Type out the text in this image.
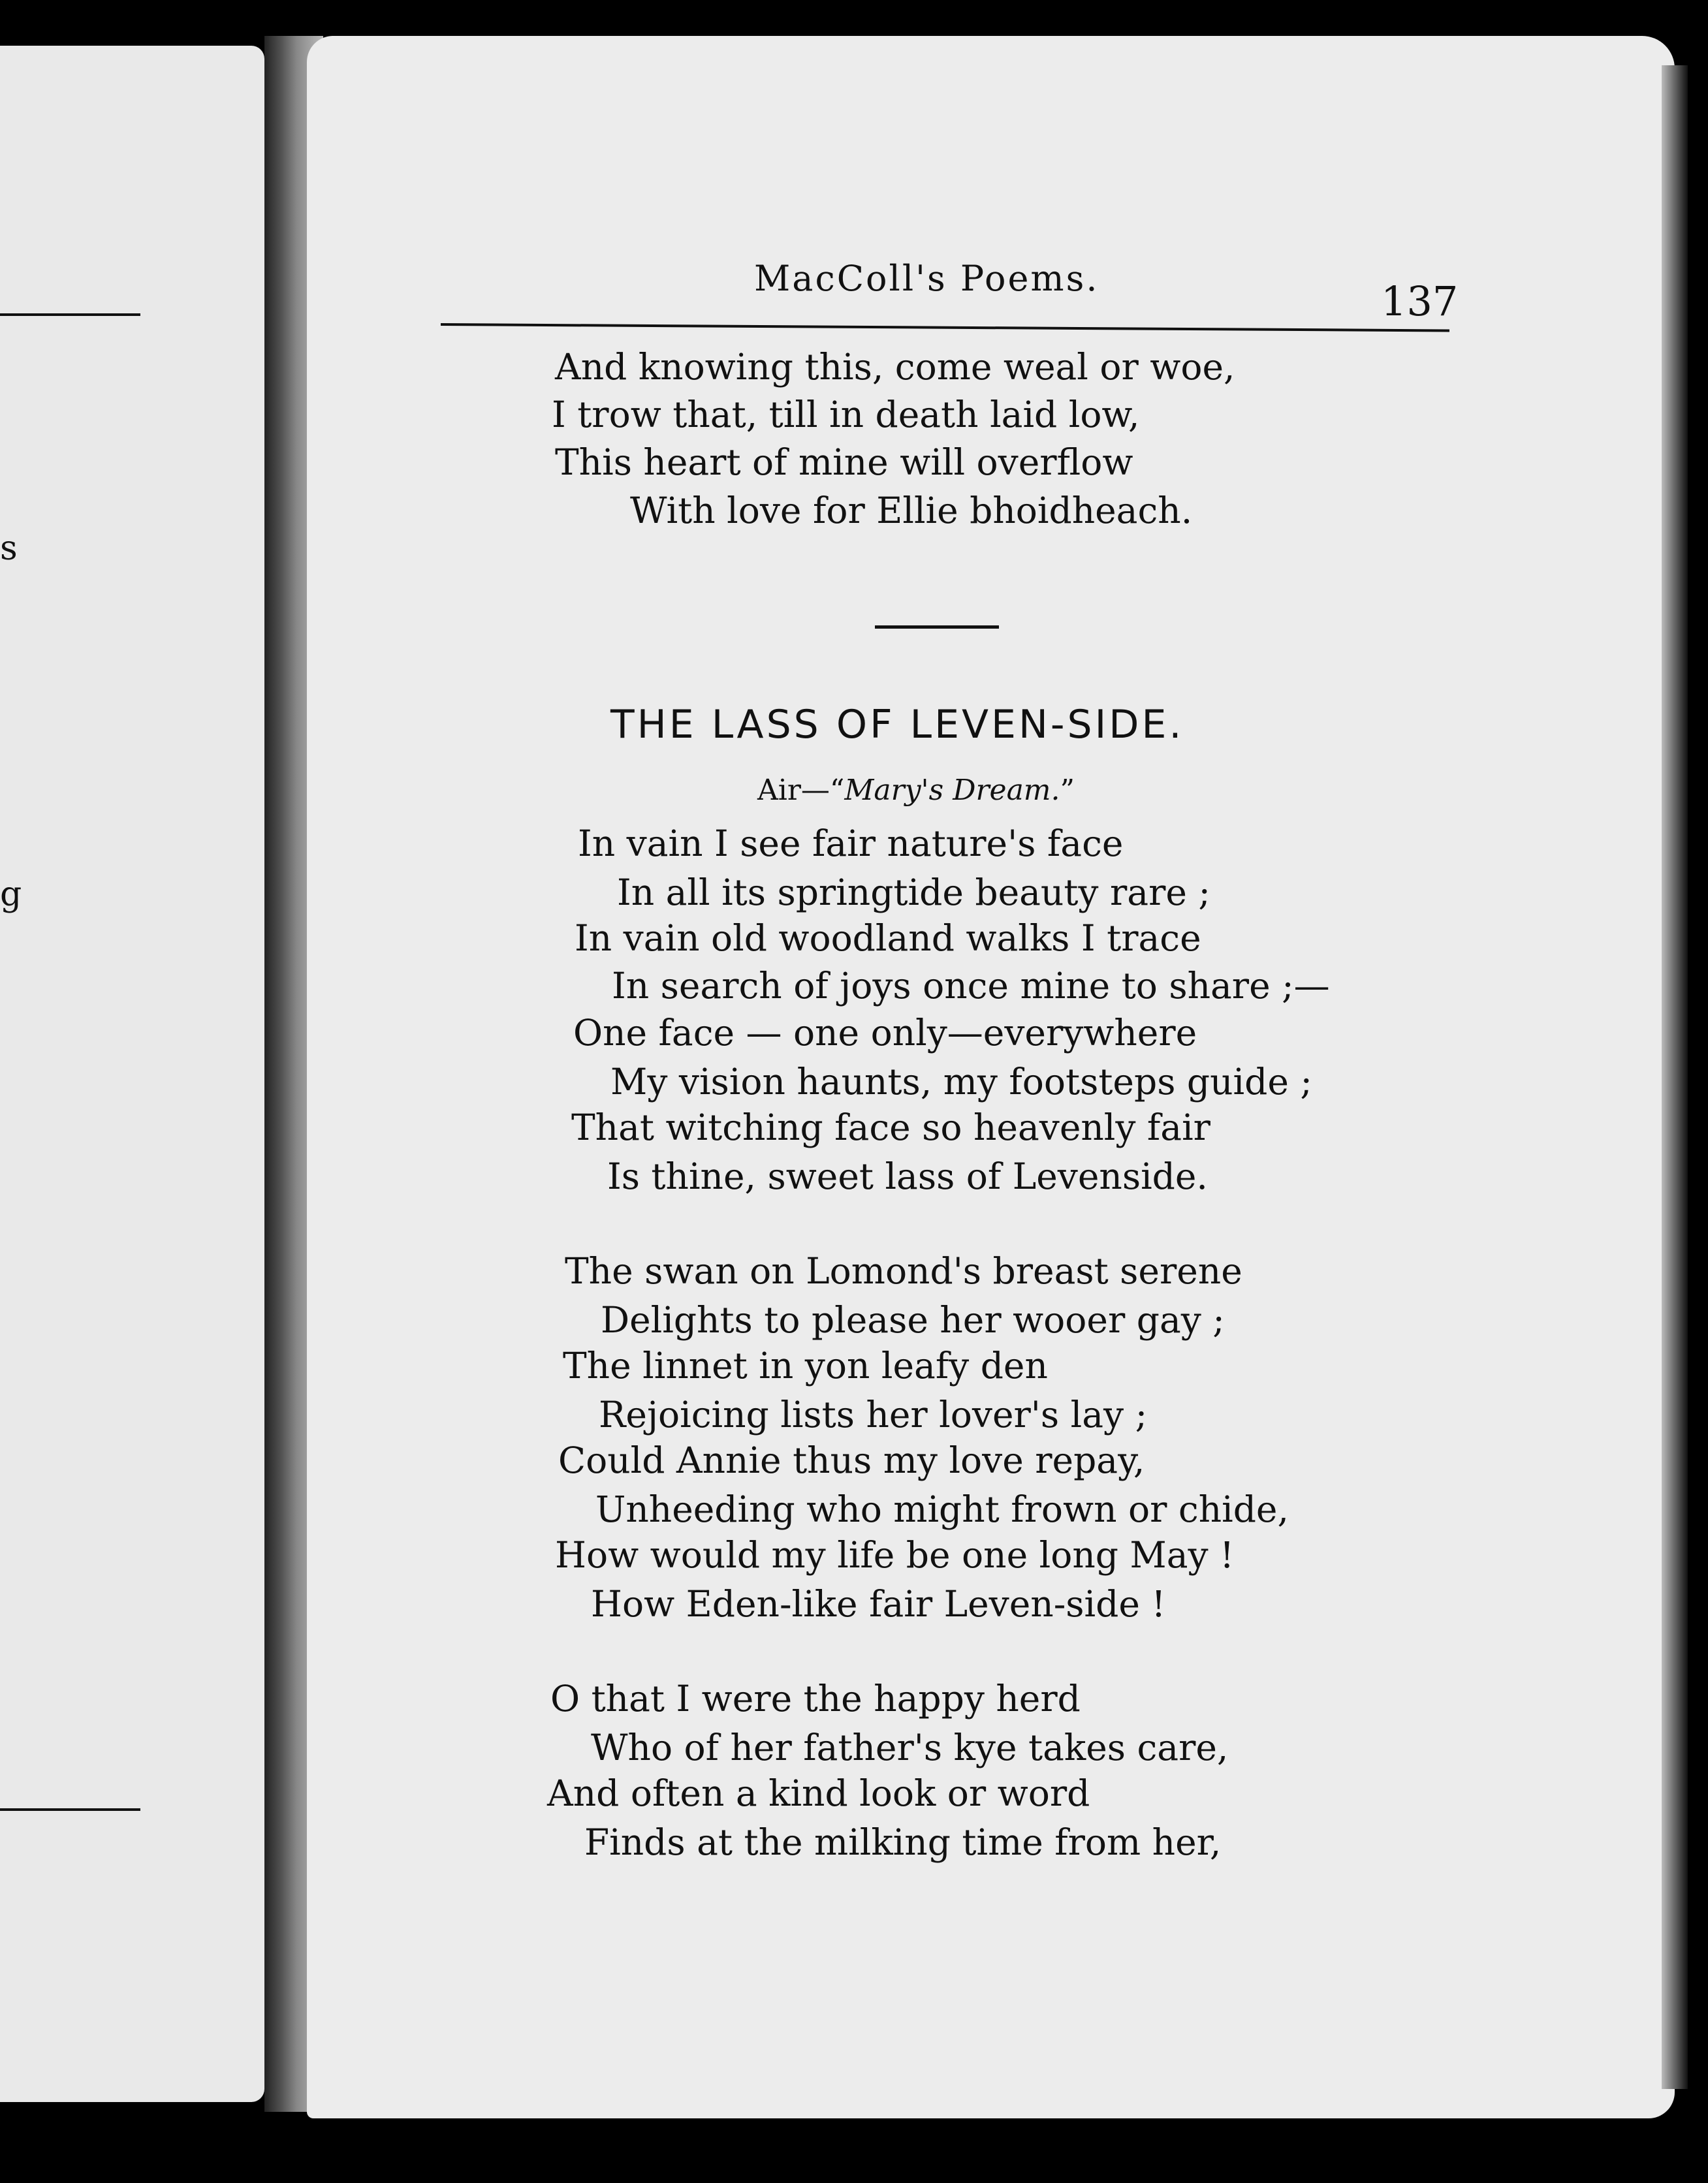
s
g
MacColl's Poems.	137
And knowing this, come weal or woe,
I trow that, till in death laid low,
This heart of mine will overflow
With love for Ellie bhoidheach.
THE LASS OF LEVEN-SIDE.
Air—“Mary's Dream.”
In vain I see fair nature's face
In all its springtide beauty rare ;
In vain old woodland walks I trace
In search of joys once mine to share ;—
One face — one only—everywhere
My vision haunts, my footsteps guide ;
That witching face so heavenly fair
Is thine, sweet lass of Levenside.
The swan on Lomond's breast serene
Delights to please her wooer gay ;
The linnet in yon leafy den
Rejoicing lists her lover's lay ;
Could Annie thus my love repay,
Unheeding who might frown or chide,
How would my life be one long May !
How Eden-like fair Leven-side !
O that I were the happy herd
Who of her father's kye takes care,
And often a kind look or word
Finds at the milking time from her,
